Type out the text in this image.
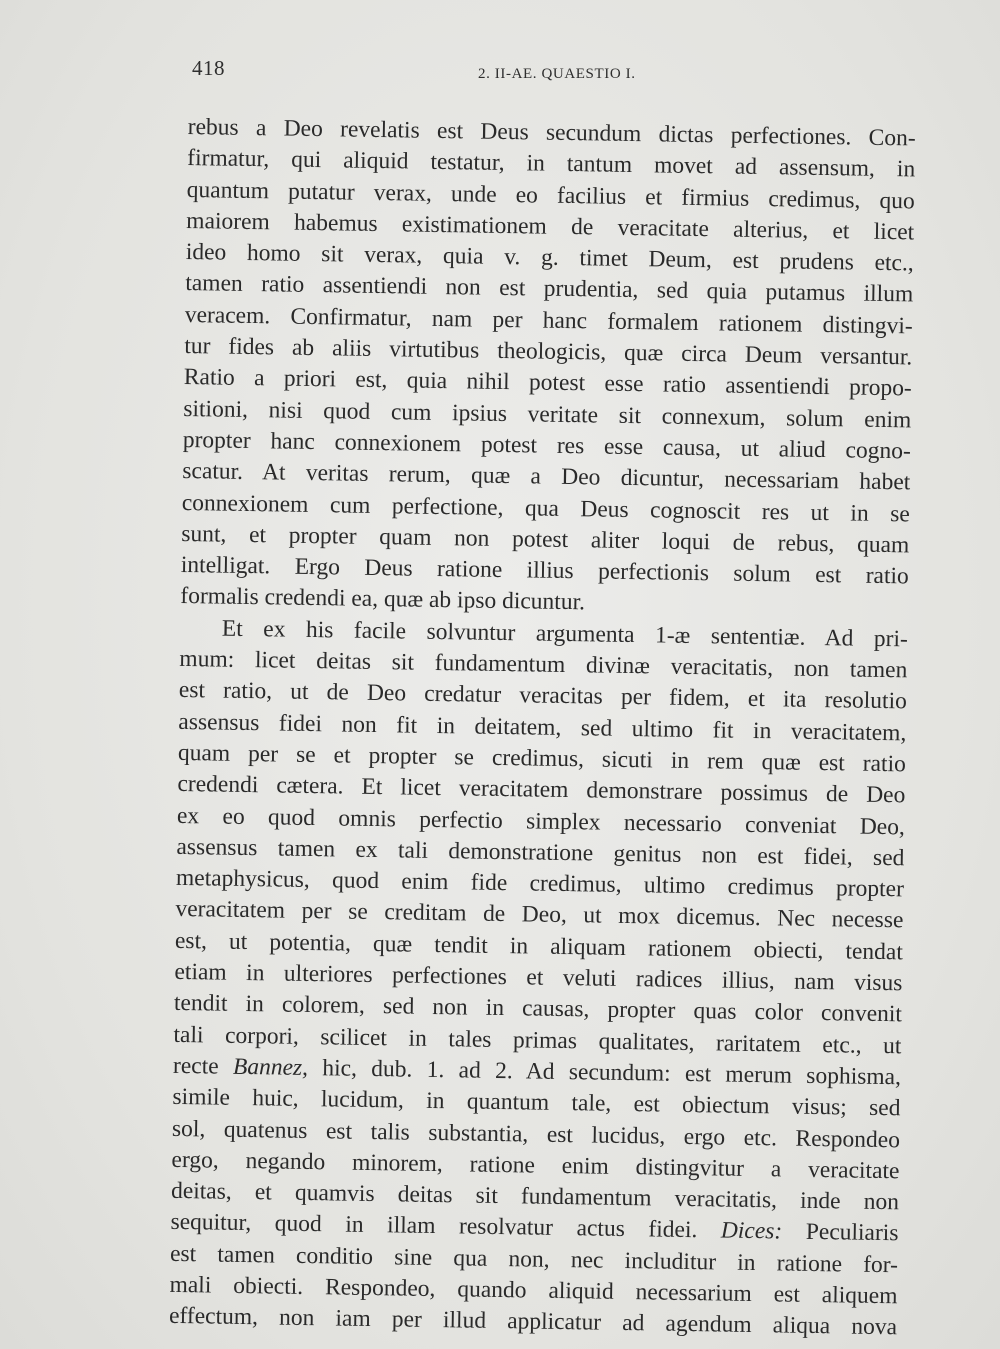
418	2. II-AE. QUAESTIO I.
rebus a Deo revelatis est Deus secundum dictas perfectiones. Con-
firmatur, qui aliquid testatur, in tantum movet ad assensum, in
quantum putatur verax, unde eo facilius et firmius credimus, quo
maiorem habemus existimationem de veracitate alterius, et licet
ideo homo sit verax, quia v. g. timet Deum, est prudens etc.,
tamen ratio assentiendi non est prudentia, sed quia putamus illum
veracem. Confirmatur, nam per hanc formalem rationem distingvi-
tur fides ab aliis virtutibus theologicis, quæ circa Deum versantur.
Ratio a priori est, quia nihil potest esse ratio assentiendi propo-
sitioni, nisi quod cum ipsius veritate sit connexum, solum enim
propter hanc connexionem potest res esse causa, ut aliud cogno-
scatur. At veritas rerum, quæ a Deo dicuntur, necessariam habet
connexionem cum perfectione, qua Deus cognoscit res ut in se
sunt, et propter quam non potest aliter loqui de rebus, quam
intelligat. Ergo Deus ratione illius perfectionis solum est ratio
formalis credendi ea, quæ ab ipso dicuntur.
Et ex his facile solvuntur argumenta 1-æ sententiæ. Ad pri-
mum: licet deitas sit fundamentum divinæ veracitatis, non tamen
est ratio, ut de Deo credatur veracitas per fidem, et ita resolutio
assensus fidei non fit in deitatem, sed ultimo fit in veracitatem,
quam per se et propter se credimus, sicuti in rem quæ est ratio
credendi cætera. Et licet veracitatem demonstrare possimus de Deo
ex eo quod omnis perfectio simplex necessario conveniat Deo,
assensus tamen ex tali demonstratione genitus non est fidei, sed
metaphysicus, quod enim fide credimus, ultimo credimus propter
veracitatem per se creditam de Deo, ut mox dicemus. Nec necesse
est, ut potentia, quæ tendit in aliquam rationem obiecti, tendat
etiam in ulteriores perfectiones et veluti radices illius, nam visus
tendit in colorem, sed non in causas, propter quas color convenit
tali corpori, scilicet in tales primas qualitates, raritatem etc., ut
recte Bannez, hic, dub. 1. ad 2. Ad secundum: est merum sophisma,
simile huic, lucidum, in quantum tale, est obiectum visus; sed
sol, quatenus est talis substantia, est lucidus, ergo etc. Respondeo
ergo, negando minorem, ratione enim distingvitur a veracitate
deitas, et quamvis deitas sit fundamentum veracitatis, inde non
sequitur, quod in illam resolvatur actus fidei. Dices: Peculiaris
est tamen conditio sine qua non, nec includitur in ratione for-
mali obiecti. Respondeo, quando aliquid necessarium est aliquem
effectum, non iam per illud applicatur ad agendum aliqua nova
